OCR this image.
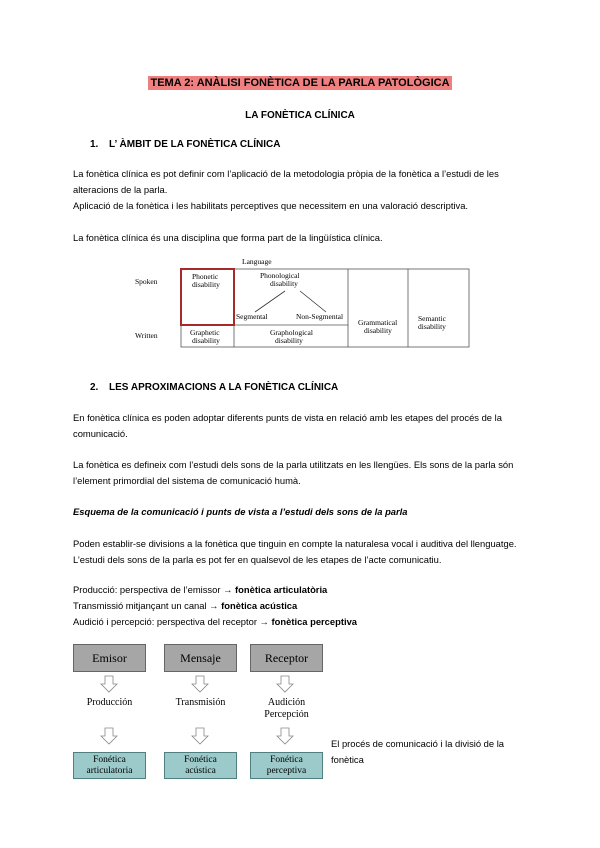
TEMA 2: ANÀLISI FONÈTICA DE LA PARLA PATOLÒGICA
LA FONÈTICA CLÍNICA
1. L’ ÀMBIT DE LA FONÈTICA CLÍNICA
La fonètica clínica es pot definir com l’aplicació de la metodologia pròpia de la fonètica a l’estudi de les alteracions de la parla.
Aplicació de la fonètica i les habilitats perceptives que necessitem en una valoració descriptiva.
La fonètica clínica és una disciplina que forma part de la lingüística clínica.
Language
Spoken
Written
Phonetic disability
Phonological disability
Segmental	Non-Segmental
Grammatical disability
Semantic disability
Graphetic disability
Graphological disability
2. LES APROXIMACIONS A LA FONÈTICA CLÍNICA
En fonètica clínica es poden adoptar diferents punts de vista en relació amb les etapes del procés de la comunicació.
La fonètica es defineix com l’estudi dels sons de la parla utilitzats en les llengües. Els sons de la parla són l’element primordial del sistema de comunicació humà.
Esquema de la comunicació i punts de vista a l’estudi dels sons de la parla
Poden establir-se divisions a la fonètica que tinguin en compte la naturalesa vocal i auditiva del llenguatge. L’estudi dels sons de la parla es pot fer en qualsevol de les etapes de l’acte comunicatiu.
Producció: perspectiva de l’emissor → fonètica articulatòria
Transmissió mitjançant un canal → fonètica acústica
Audició i percepció: perspectiva del receptor → fonètica perceptiva
Emisor	Mensaje	Receptor
Producción	Transmisión	Audición
Percepción
Fonética
articulatoria
Fonética
acústica
Fonética
perceptiva
El procés de comunicació i la divisió de la fonètica
